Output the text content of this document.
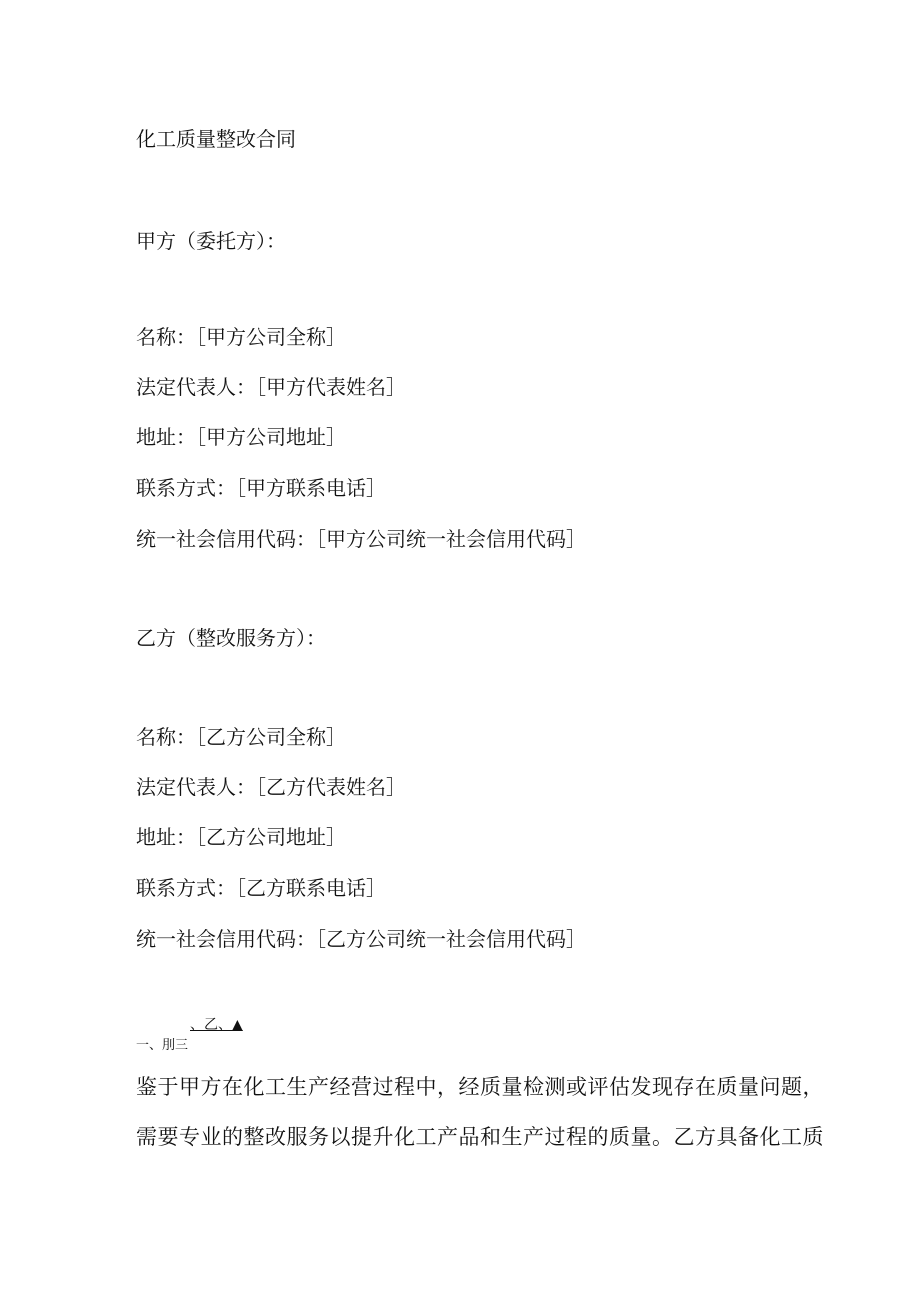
化工质量整改合同
甲方（委托方）：
名称：［甲方公司全称］
法定代表人：［甲方代表姓名］
地址：［甲方公司地址］
联系方式：［甲方联系电话］
统一社会信用代码：［甲方公司统一社会信用代码］
乙方（整改服务方）：
名称：［乙方公司全称］
法定代表人：［乙方代表姓名］
地址：［乙方公司地址］
联系方式：［乙方联系电话］
统一社会信用代码：［乙方公司统一社会信用代码］
、乙、▲
一、刖三
鉴于甲方在化工生产经营过程中，经质量检测或评估发现存在质量问题，
需要专业的整改服务以提升化工产品和生产过程的质量。乙方具备化工质
